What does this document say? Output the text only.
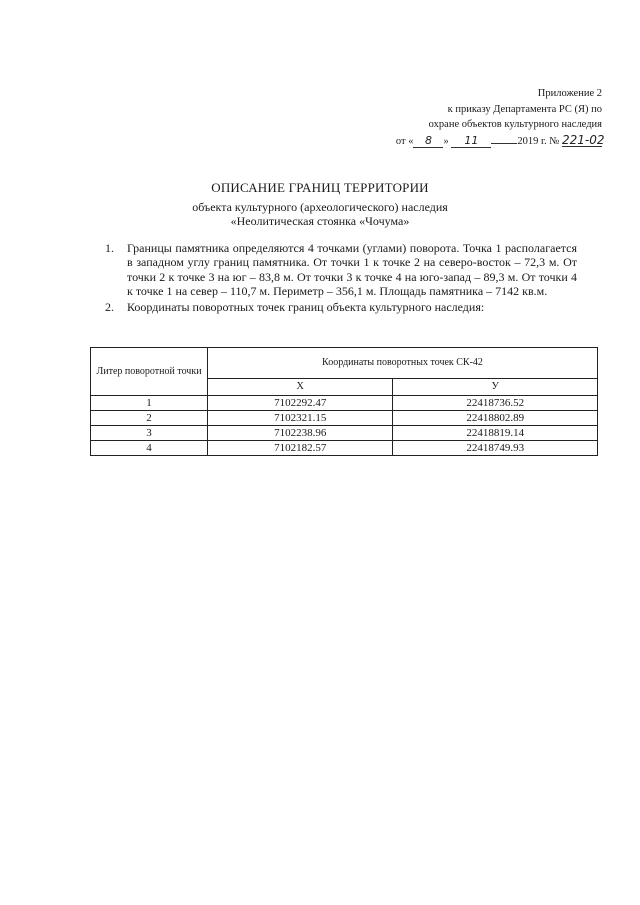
Приложение 2
к приказу Департамента РС (Я) по
охране объектов культурного наследия
от « 8 » 11	2019 г. № 221-02
ОПИСАНИЕ ГРАНИЦ ТЕРРИТОРИИ
объекта культурного (археологического) наследия
«Неолитическая стоянка «Чочума»
1.	Границы памятника определяются 4 точками (углами) поворота. Точка 1 располагается в западном углу границ памятника. От точки 1 к точке 2 на северо-восток – 72,3 м. От точки 2 к точке 3 на юг – 83,8 м. От точки 3 к точке 4 на юго-запад – 89,3 м. От точки 4 к точке 1 на север – 110,7 м. Периметр – 356,1 м. Площадь памятника – 7142 кв.м.
2.	Координаты поворотных точек границ объекта культурного наследия:
Литер поворотной точки	Координаты поворотных точек СК-42	
	X	У
1	7102292.47	22418736.52
2	7102321.15	22418802.89
3	7102238.96	22418819.14
4	7102182.57	22418749.93
